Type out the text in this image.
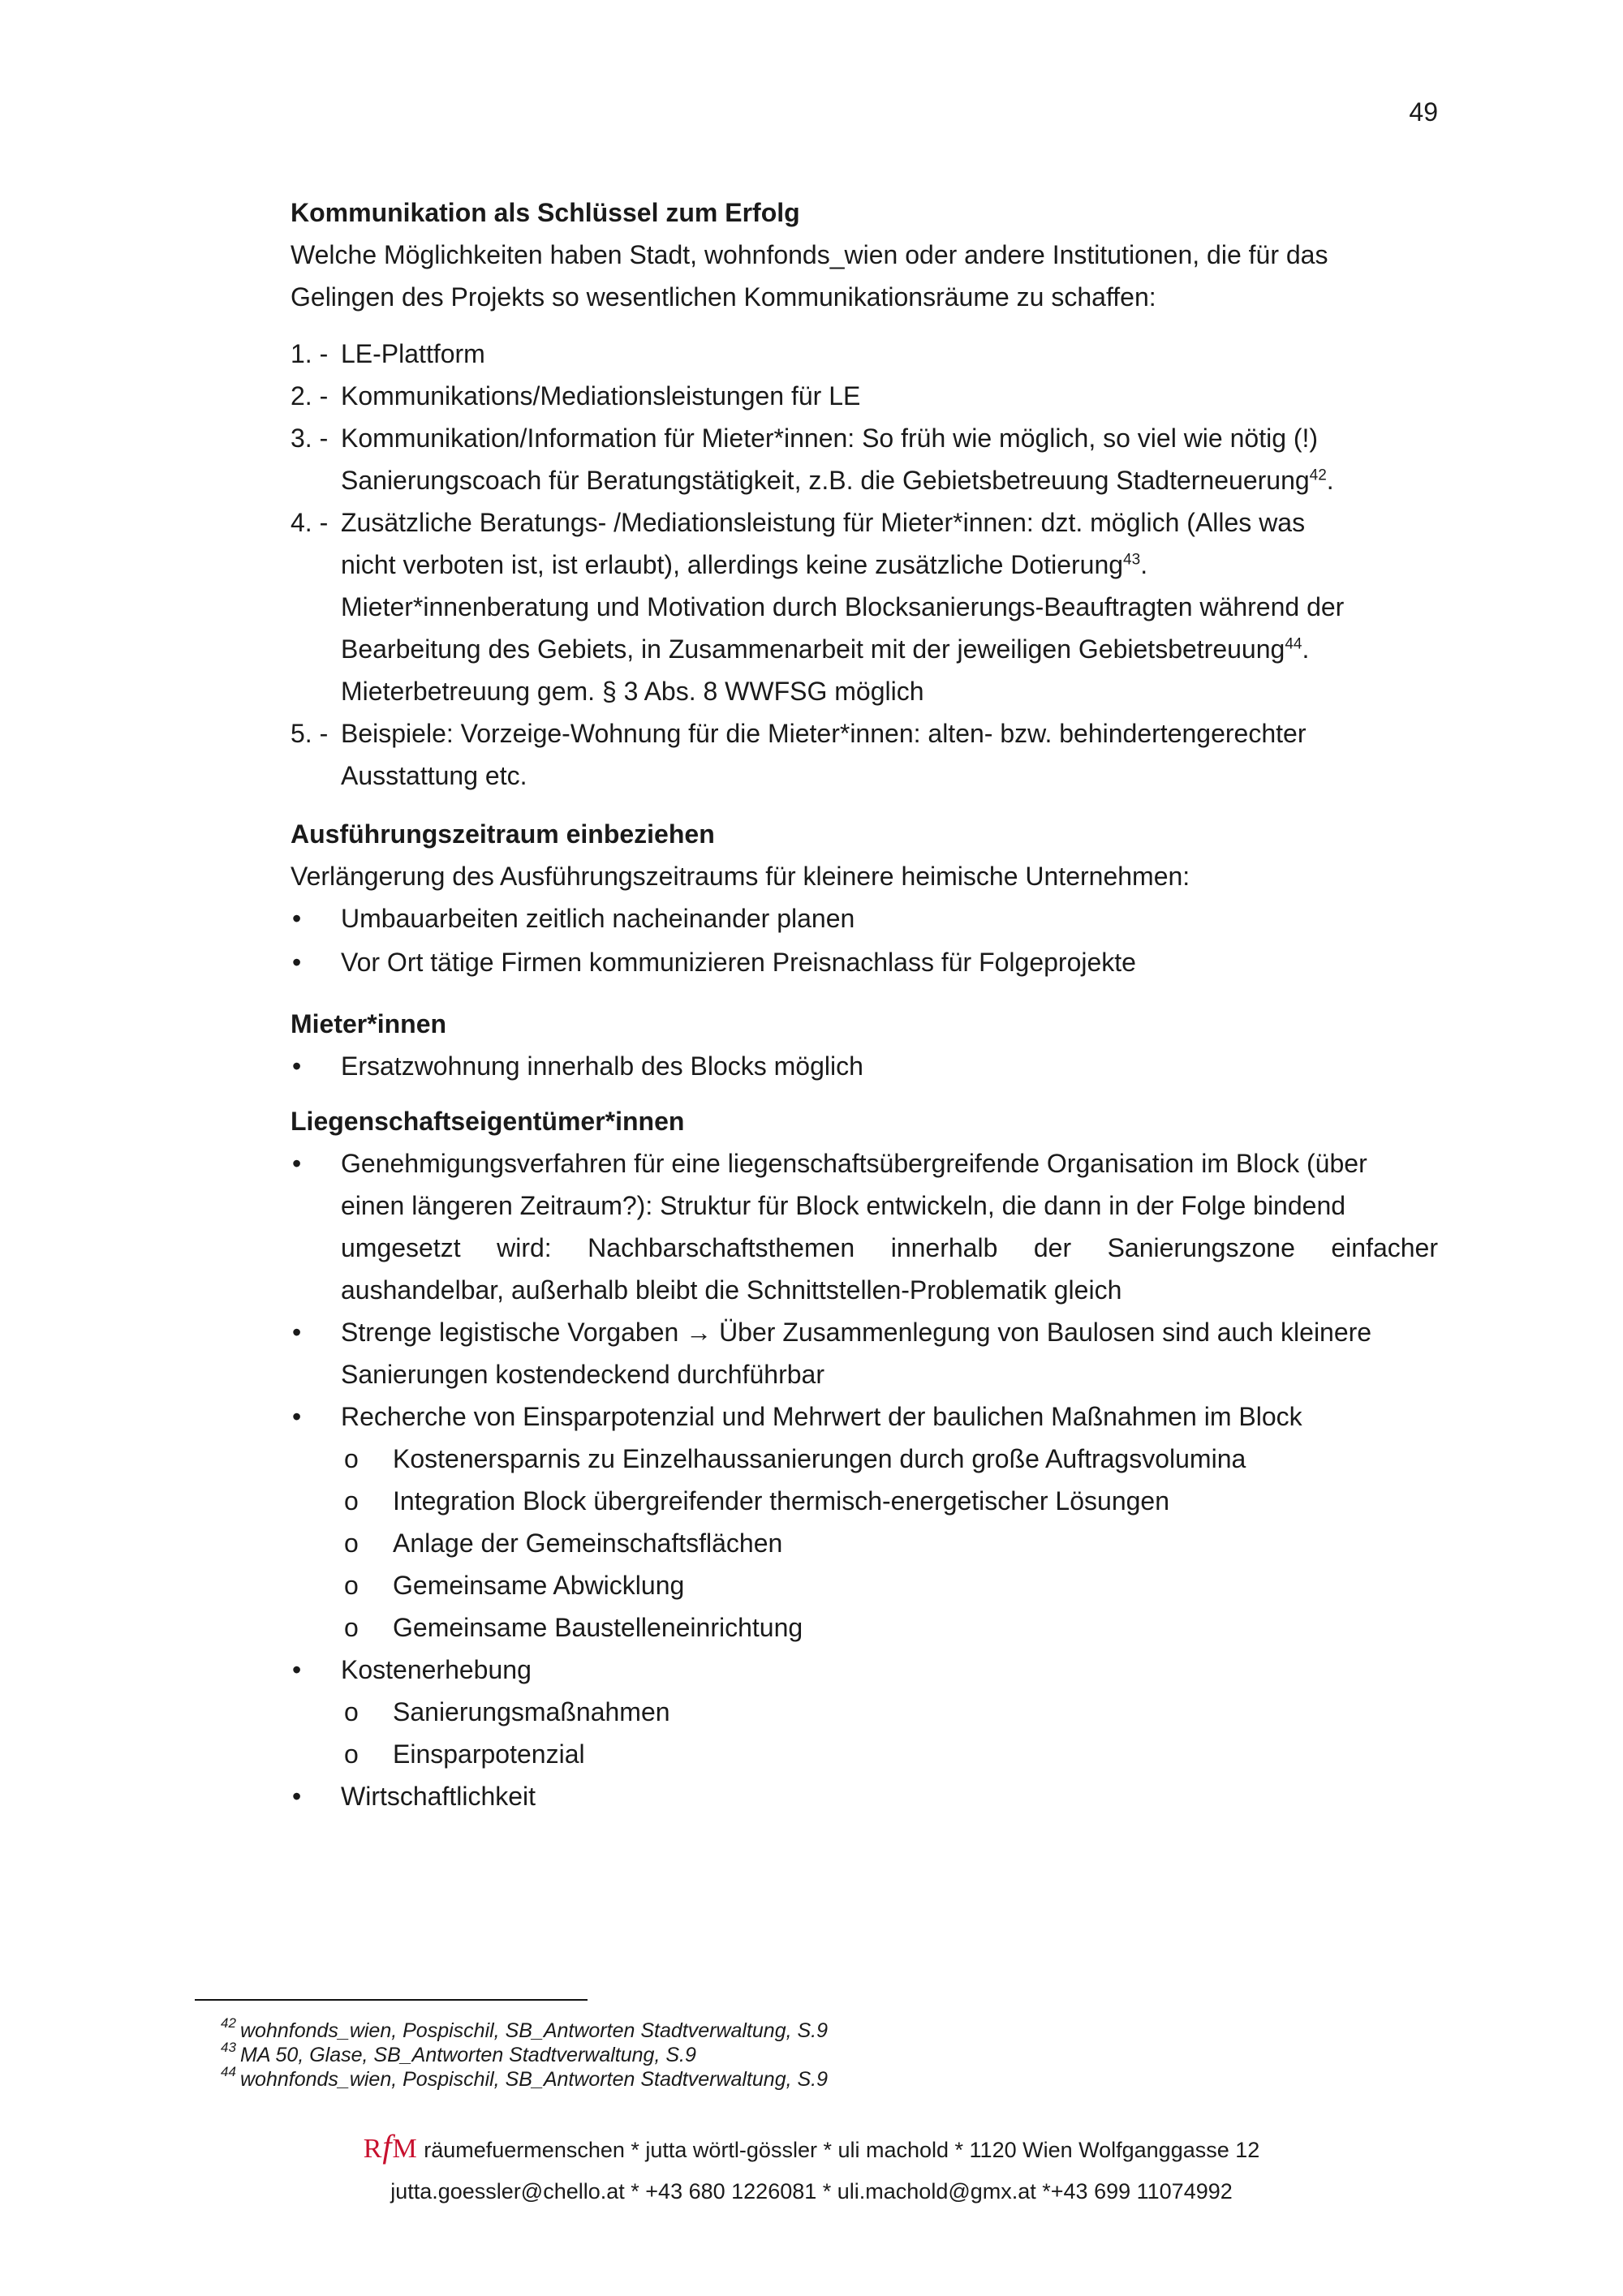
49

Kommunikation als Schlüssel zum Erfolg

Welche Möglichkeiten haben Stadt, wohnfonds_wien oder andere Institutionen, die für das
Gelingen des Projekts so wesentlichen Kommunikationsräume zu schaffen:

1. - LE-Plattform
2. - Kommunikations/Mediationsleistungen für LE
3. - Kommunikation/Information für Mieter*innen: So früh wie möglich, so viel wie nötig (!)
Sanierungscoach für Beratungstätigkeit, z.B. die Gebietsbetreuung Stadterneuerung$^{42}$.
4. - Zusätzliche Beratungs- /Mediationsleistung für Mieter*innen: dzt. möglich (Alles was
nicht verboten ist, ist erlaubt), allerdings keine zusätzliche Dotierung$^{43}$.
Mieter*innenberatung und Motivation durch Blocksanierungs-Beauftragten während der
Bearbeitung des Gebiets, in Zusammenarbeit mit der jeweiligen Gebietsbetreuung$^{44}$.
Mieterbetreuung gem. § 3 Abs. 8 WWFSG möglich
5. - Beispiele: Vorzeige-Wohnung für die Mieter*innen: alten- bzw. behindertengerechter
Ausstattung etc.

Ausführungszeitraum einbeziehen

Verlängerung des Ausführungszeitraums für kleinere heimische Unternehmen:

• Umbauarbeiten zeitlich nacheinander planen
• Vor Ort tätige Firmen kommunizieren Preisnachlass für Folgeprojekte

Mieter*innen

• Ersatzwohnung innerhalb des Blocks möglich

Liegenschaftseigentümer*innen

• Genehmigungsverfahren für eine liegenschaftsübergreifende Organisation im Block (über
einen längeren Zeitraum?): Struktur für Block entwickeln, die dann in der Folge bindend
umgesetzt wird: Nachbarschaftsthemen innerhalb der Sanierungszone einfacher
aushandelbar, außerhalb bleibt die Schnittstellen-Problematik gleich
• Strenge legistische Vorgaben → Über Zusammenlegung von Baulosen sind auch kleinere
Sanierungen kostendeckend durchführbar
• Recherche von Einsparpotenzial und Mehrwert der baulichen Maßnahmen im Block
o Kostenersparnis zu Einzelhaussanierungen durch große Auftragsvolumina
o Integration Block übergreifender thermisch-energetischer Lösungen
o Anlage der Gemeinschaftsflächen
o Gemeinsame Abwicklung
o Gemeinsame Baustelleneinrichtung
• Kostenerhebung
o Sanierungsmaßnahmen
o Einsparpotenzial
• Wirtschaftlichkeit
42 wohnfonds_wien, Pospischil, SB_Antworten Stadtverwaltung, S.9
43 MA 50, Glase, SB_Antworten Stadtverwaltung, S.9
44 wohnfonds_wien, Pospischil, SB_Antworten Stadtverwaltung, S.9
RfM räumefuermenschen * jutta wörtl-gössler * uli machold * 1120 Wien Wolfganggasse 12
jutta.goessler@chello.at * +43 680 1226081 * uli.machold@gmx.at *+43 699 11074992
